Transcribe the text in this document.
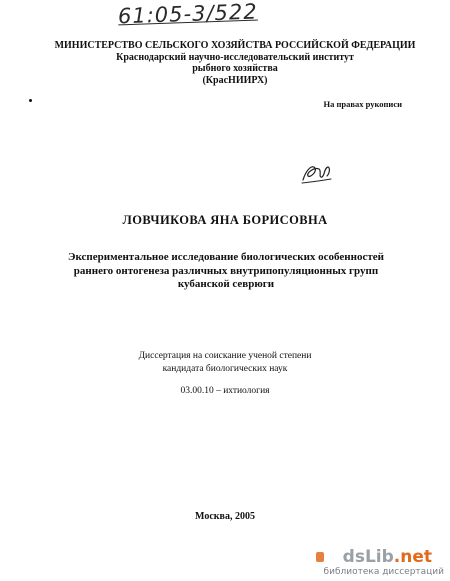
61:05-3/522
МИНИСТЕРСТВО СЕЛЬСКОГО ХОЗЯЙСТВА РОССИЙСКОЙ ФЕДЕРАЦИИ
Краснодарский научно-исследовательский институт
рыбного хозяйства
(КрасНИИРХ)
На правах рукописи
ЛОВЧИКОВА ЯНА БОРИСОВНА
Экспериментальное исследование биологических особенностей
раннего онтогенеза различных внутрипопуляционных групп
кубанской севрюги
Диссертация на соискание ученой степени
кандидата биологических наук
03.00.10 – ихтиология
Москва, 2005
dsLib.net
библиотека диссертаций
